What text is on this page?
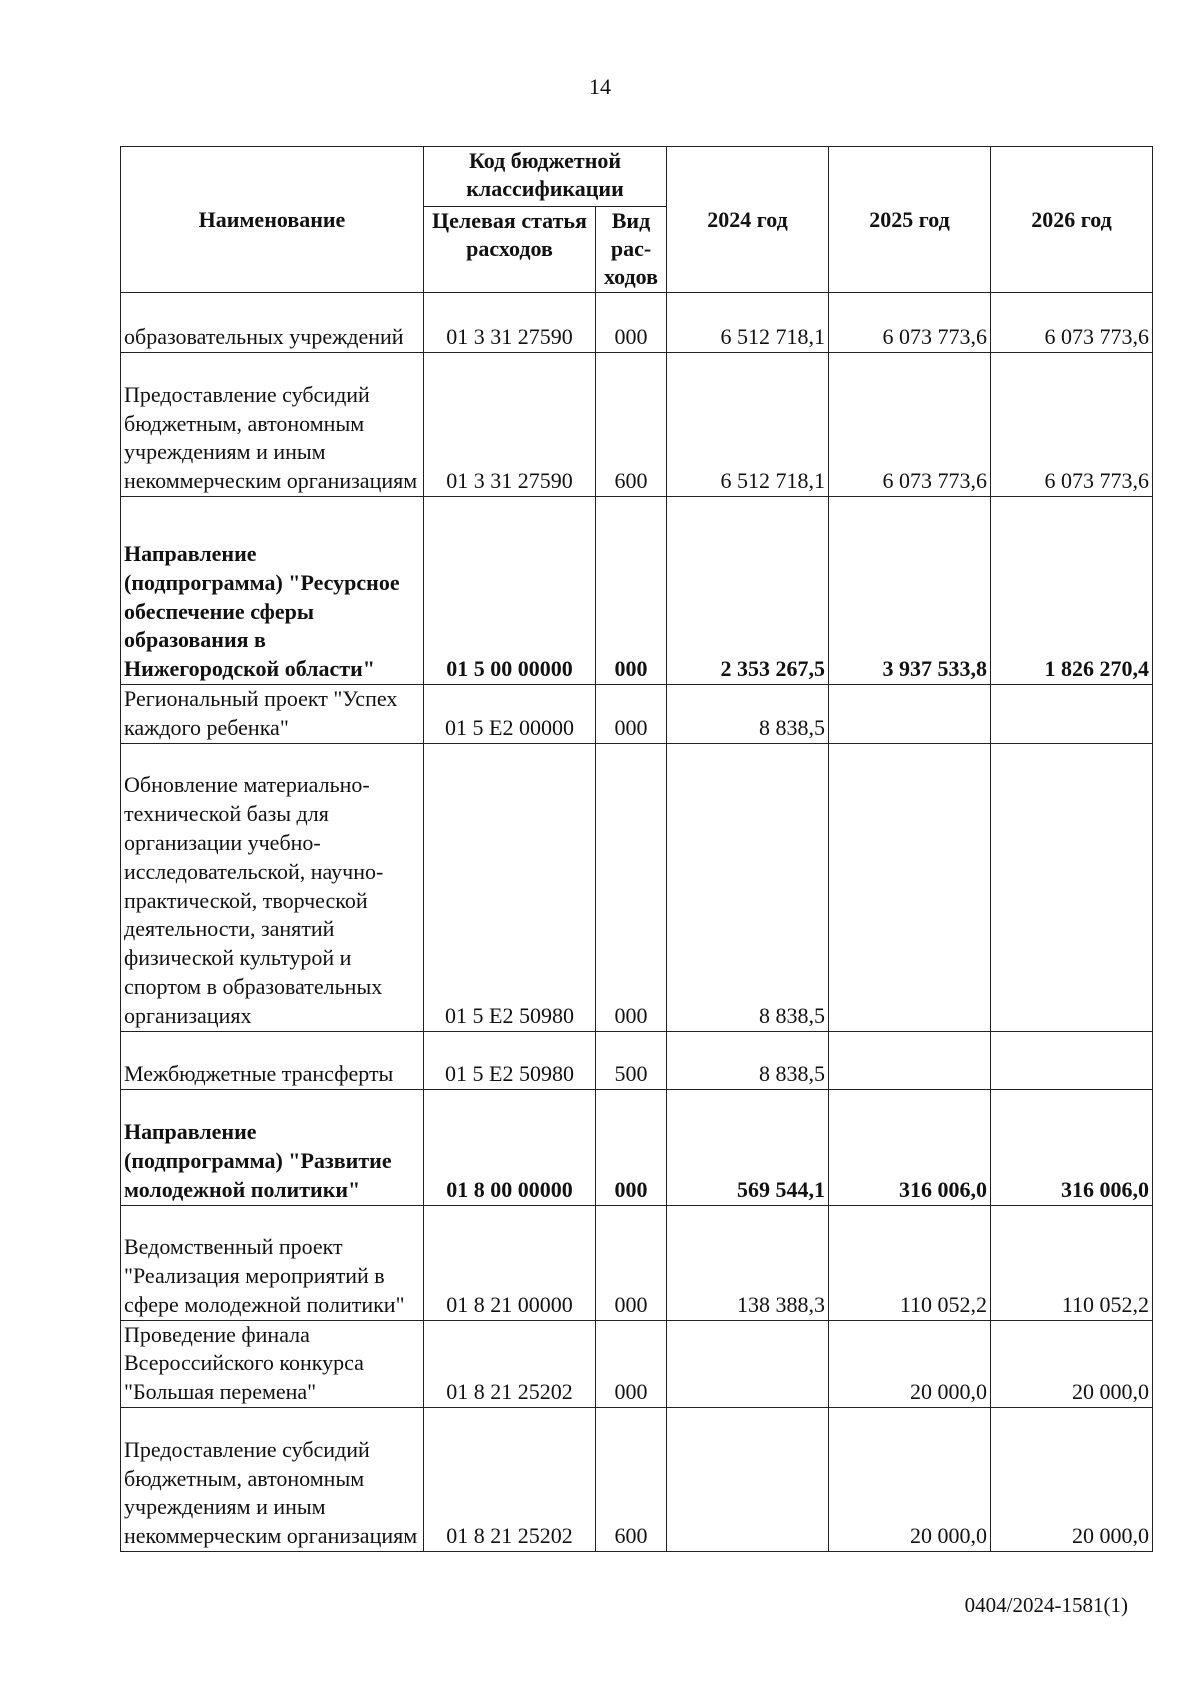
14
Наименование	Код бюджетной классификации		2024 год	2025 год	2026 год
	Целевая статья расходов	Вид рас-ходов			
образовательных учреждений	01 3 31 27590	000	6 512 718,1	6 073 773,6	6 073 773,6
Предоставление субсидий бюджетным, автономным учреждениям и иным некоммерческим организациям	01 3 31 27590	600	6 512 718,1	6 073 773,6	6 073 773,6
Направление (подпрограмма) "Ресурсное обеспечение сферы образования в Нижегородской области"	01 5 00 00000	000	2 353 267,5	3 937 533,8	1 826 270,4
Региональный проект "Успех каждого ребенка"	01 5 E2 00000	000	8 838,5		
Обновление материально-технической базы для организации учебно-исследовательской, научно-практической, творческой деятельности, занятий физической культурой и спортом в образовательных организациях	01 5 E2 50980	000	8 838,5		
Межбюджетные трансферты	01 5 E2 50980	500	8 838,5		
Направление (подпрограмма) "Развитие молодежной политики"	01 8 00 00000	000	569 544,1	316 006,0	316 006,0
Ведомственный проект "Реализация мероприятий в сфере молодежной политики"	01 8 21 00000	000	138 388,3	110 052,2	110 052,2
Проведение финала Всероссийского конкурса "Большая перемена"	01 8 21 25202	000		20 000,0	20 000,0
Предоставление субсидий бюджетным, автономным учреждениям и иным некоммерческим организациям	01 8 21 25202	600		20 000,0	20 000,0
0404/2024-1581(1)
